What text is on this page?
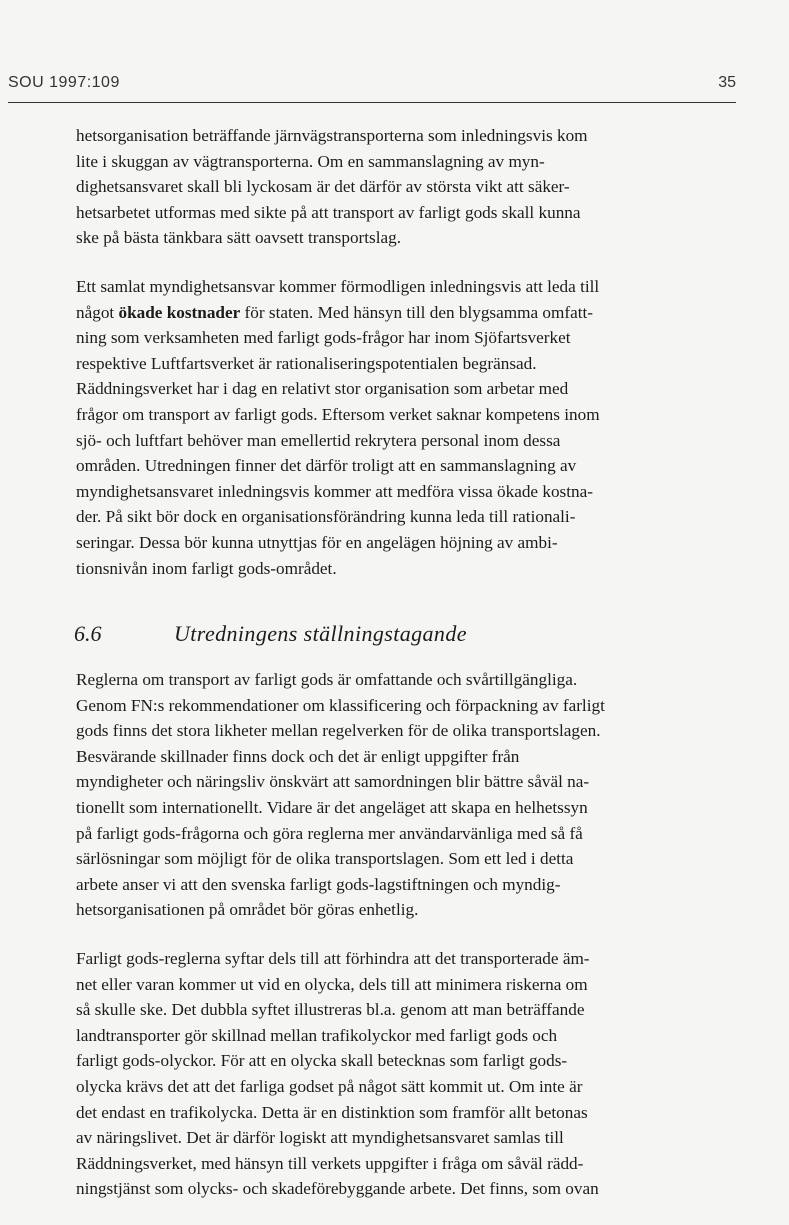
SOU 1997:109	35
hetsorganisation beträffande järnvägstransporterna som inledningsvis kom
lite i skuggan av vägtransporterna. Om en sammanslagning av myn-
dighetsansvaret skall bli lyckosam är det därför av största vikt att säker-
hetsarbetet utformas med sikte på att transport av farligt gods skall kunna
ske på bästa tänkbara sätt oavsett transportslag.
Ett samlat myndighetsansvar kommer förmodligen inledningsvis att leda till
något ökade kostnader för staten. Med hänsyn till den blygsamma omfatt-
ning som verksamheten med farligt gods-frågor har inom Sjöfartsverket
respektive Luftfartsverket är rationaliseringspotentialen begränsad.
Räddningsverket har i dag en relativt stor organisation som arbetar med
frågor om transport av farligt gods. Eftersom verket saknar kompetens inom
sjö- och luftfart behöver man emellertid rekrytera personal inom dessa
områden. Utredningen finner det därför troligt att en sammanslagning av
myndighetsansvaret inledningsvis kommer att medföra vissa ökade kostna-
der. På sikt bör dock en organisationsförändring kunna leda till rationali-
seringar. Dessa bör kunna utnyttjas för en angelägen höjning av ambi-
tionsnivån inom farligt gods-området.
6.6	Utredningens ställningstagande
Reglerna om transport av farligt gods är omfattande och svårtillgängliga.
Genom FN:s rekommendationer om klassificering och förpackning av farligt
gods finns det stora likheter mellan regelverken för de olika transportslagen.
Besvärande skillnader finns dock och det är enligt uppgifter från
myndigheter och näringsliv önskvärt att samordningen blir bättre såväl na-
tionellt som internationellt. Vidare är det angeläget att skapa en helhetssyn
på farligt gods-frågorna och göra reglerna mer användarvänliga med så få
särlösningar som möjligt för de olika transportslagen. Som ett led i detta
arbete anser vi att den svenska farligt gods-lagstiftningen och myndig-
hetsorganisationen på området bör göras enhetlig.
Farligt gods-reglerna syftar dels till att förhindra att det transporterade äm-
net eller varan kommer ut vid en olycka, dels till att minimera riskerna om
så skulle ske. Det dubbla syftet illustreras bl.a. genom att man beträffande
landtransporter gör skillnad mellan trafikolyckor med farligt gods och
farligt gods-olyckor. För att en olycka skall betecknas som farligt gods-
olycka krävs det att det farliga godset på något sätt kommit ut. Om inte är
det endast en trafikolycka. Detta är en distinktion som framför allt betonas
av näringslivet. Det är därför logiskt att myndighetsansvaret samlas till
Räddningsverket, med hänsyn till verkets uppgifter i fråga om såväl rädd-
ningstjänst som olycks- och skadeförebyggande arbete. Det finns, som ovan
